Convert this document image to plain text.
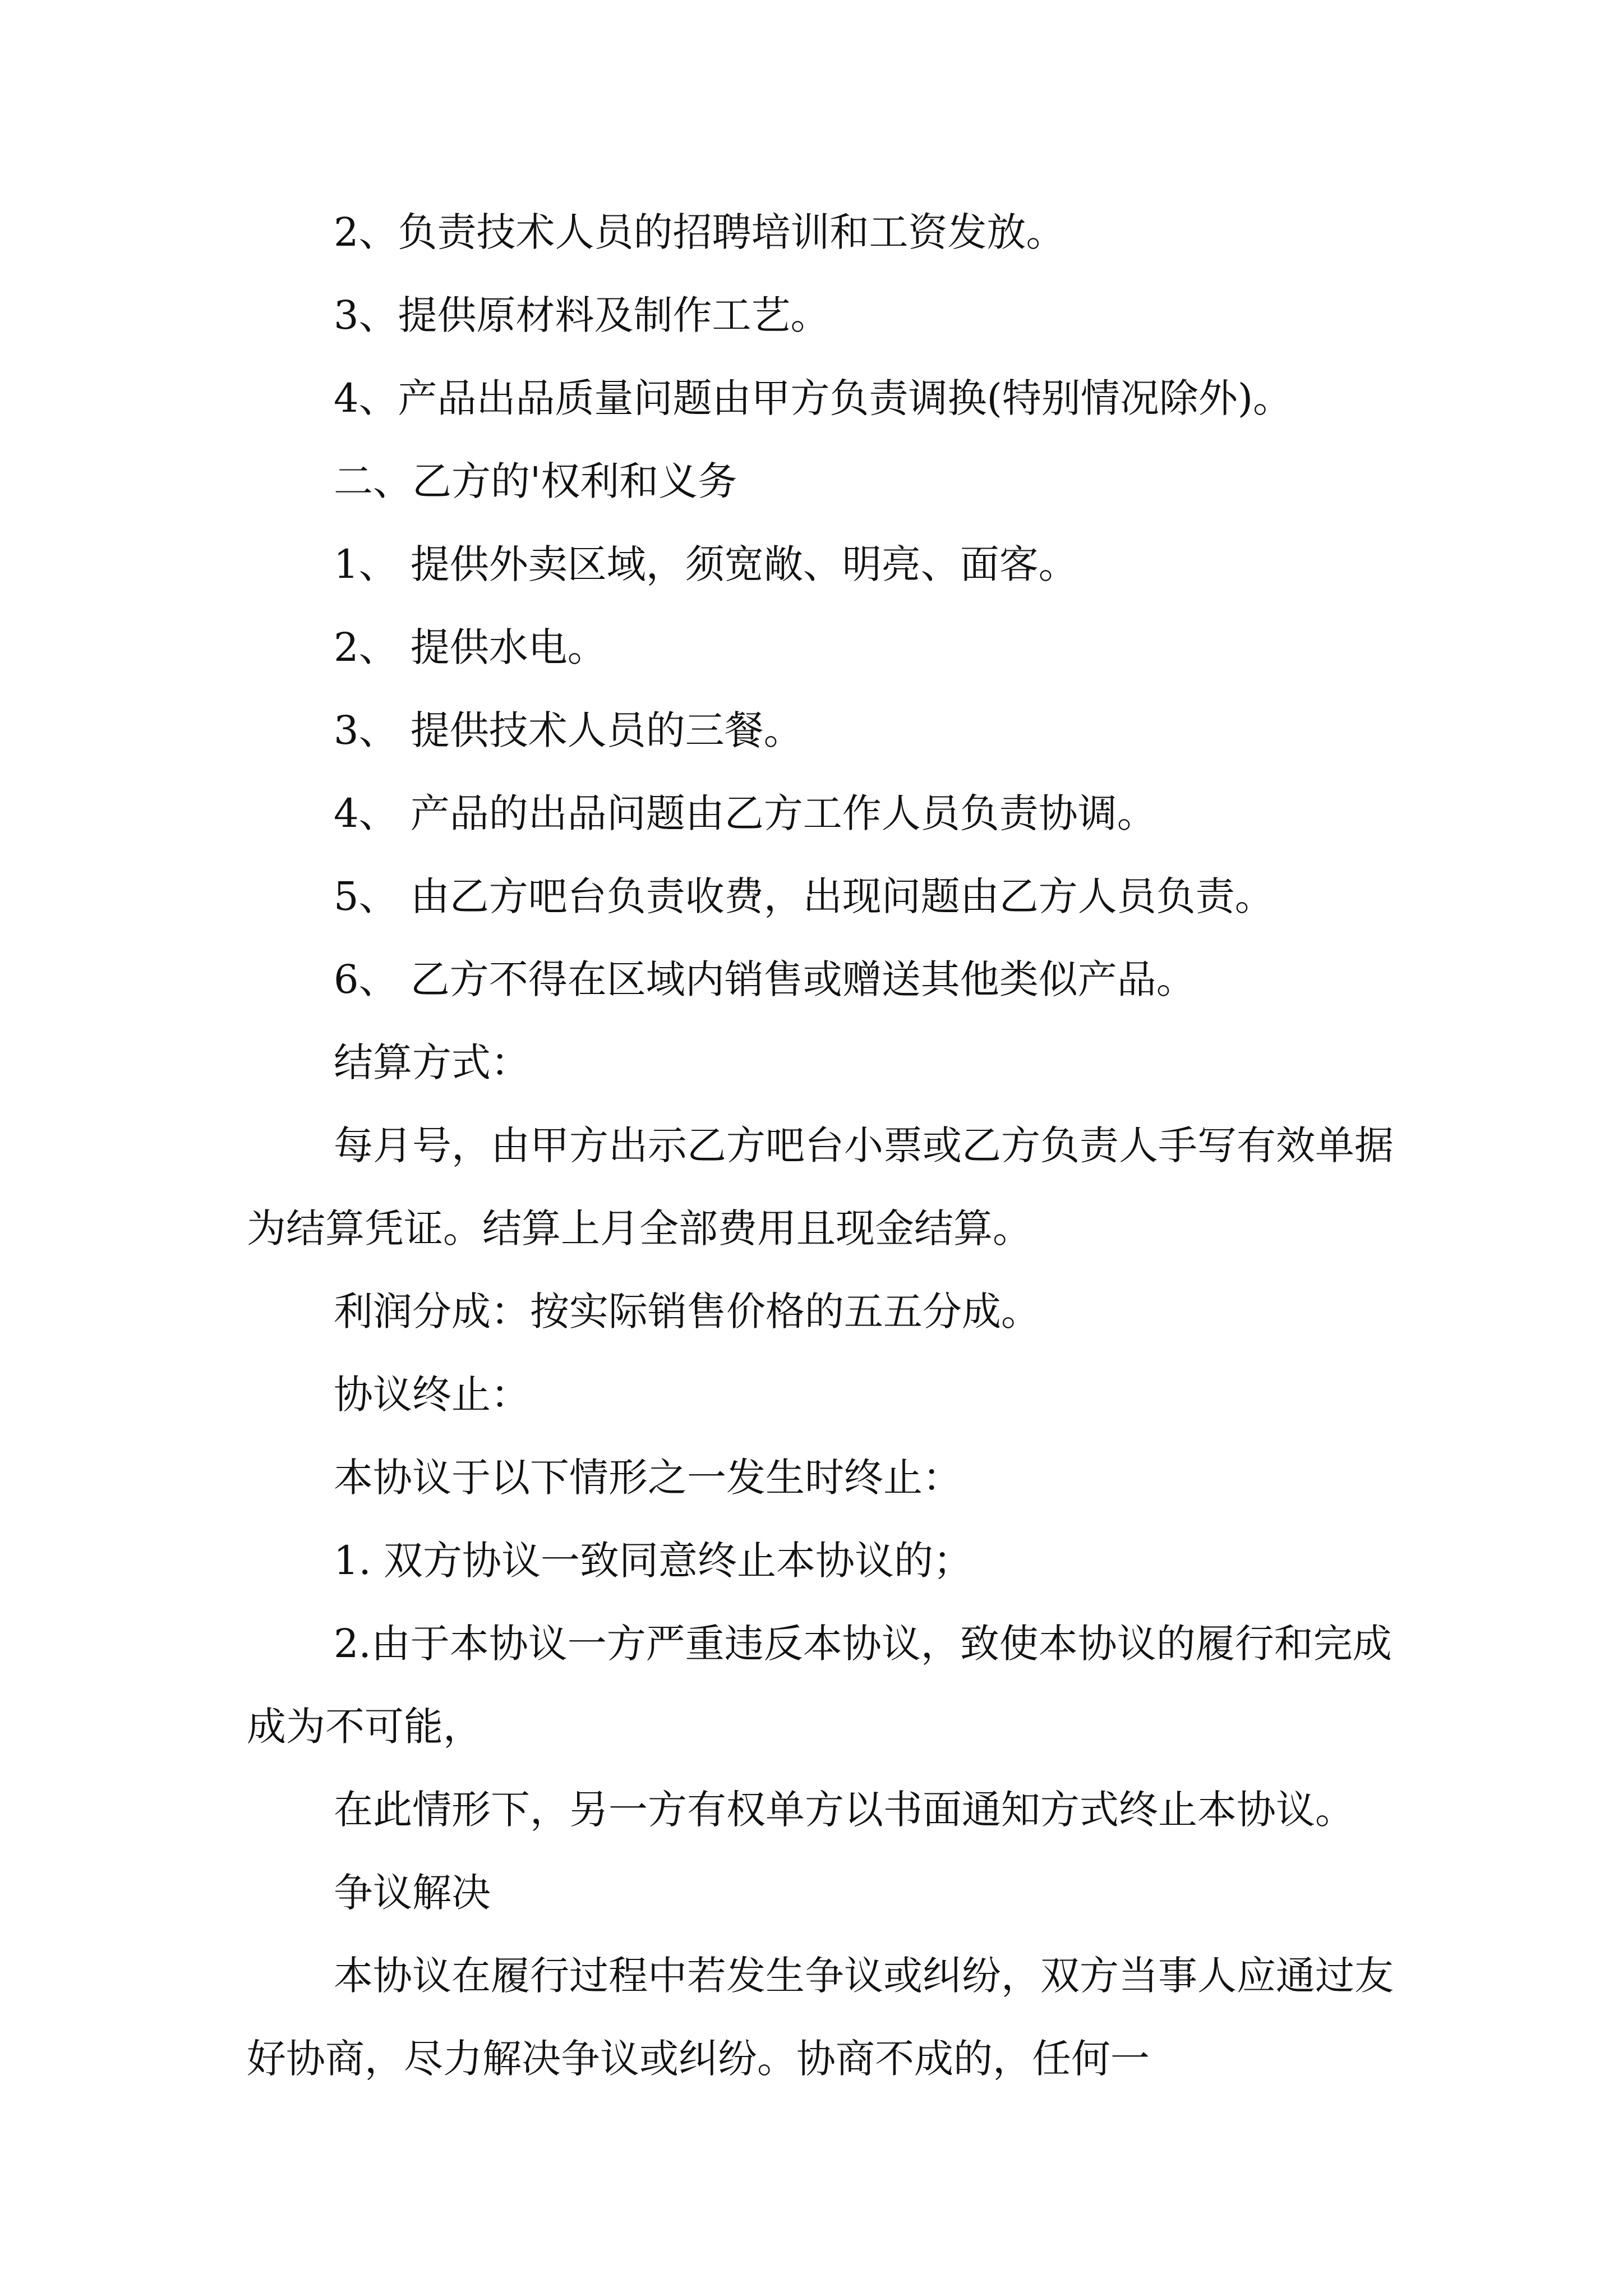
2、负责技术人员的招聘培训和工资发放。

3、提供原材料及制作工艺。

4、产品出品质量问题由甲方负责调换(特别情况除外)。

二、乙方的'权利和义务

1、 提供外卖区域，须宽敞、明亮、面客。

2、 提供水电。

3、 提供技术人员的三餐。

4、 产品的出品问题由乙方工作人员负责协调。

5、 由乙方吧台负责收费，出现问题由乙方人员负责。

6、 乙方不得在区域内销售或赠送其他类似产品。

结算方式：

每月号，由甲方出示乙方吧台小票或乙方负责人手写有效单据为结算凭证。结算上月全部费用且现金结算。

利润分成：按实际销售价格的五五分成。

协议终止：

本协议于以下情形之一发生时终止：

1. 双方协议一致同意终止本协议的；

2.由于本协议一方严重违反本协议，致使本协议的履行和完成成为不可能，

在此情形下，另一方有权单方以书面通知方式终止本协议。

争议解决

本协议在履行过程中若发生争议或纠纷，双方当事人应通过友好协商，尽力解决争议或纠纷。协商不成的，任何一
